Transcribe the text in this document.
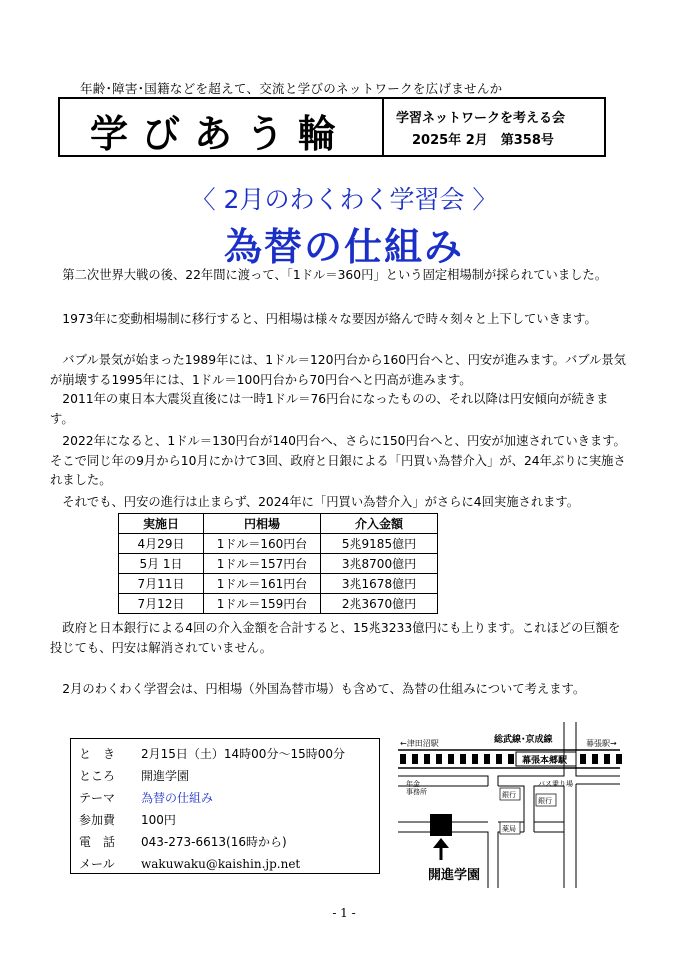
年齢･障害･国籍などを超えて、交流と学びのネットワークを広げませんか
学びあう輪	学習ネットワークを考える会
2025年 2月　第358号
〈 2月のわくわく学習会 〉
為替の仕組み

第二次世界大戦の後、22年間に渡って、「1ドル＝360円」という固定相場制が採られていました。

1973年に変動相場制に移行すると、円相場は様々な要因が絡んで時々刻々と上下していきます。

バブル景気が始まった1989年には、1ドル＝120円台から160円台へと、円安が進みます。バブル景気が崩壊する1995年には、1ドル＝100円台から70円台へと円高が進みます。

2011年の東日本大震災直後には一時1ドル＝76円台になったものの、それ以降は円安傾向が続きます。

2022年になると、1ドル＝130円台が140円台へ、さらに150円台へと、円安が加速されていきます。そこで同じ年の9月から10月にかけて3回、政府と日銀による「円買い為替介入」が、24年ぶりに実施されました。

それでも、円安の進行は止まらず、2024年に「円買い為替介入」がさらに4回実施されます。

実施日	円相場	介入金額
4月29日	1ドル＝160円台	5兆9185億円
5月 1日	1ドル＝157円台	3兆8700億円
7月11日	1ドル＝161円台	3兆1678億円
7月12日	1ドル＝159円台	2兆3670億円

政府と日本銀行による4回の介入金額を合計すると、15兆3233億円にも上ります。これほどの巨額を投じても、円安は解消されていません。

2月のわくわく学習会は、円相場（外国為替市場）も含めて、為替の仕組みについて考えます。

と　き 2月15日（土）14時00分～15時00分
ところ 開進学園
テーマ 為替の仕組み
参加費 100円
電　話 043-273-6613(16時から)
メール wakuwaku@kaishin.jp.net
←津田沼駅	総武線･京成線	幕張駅→
幕張本郷駅
年金
事務所
バス乗り場
銀行
銀行
薬局
開進学園
- 1 -
